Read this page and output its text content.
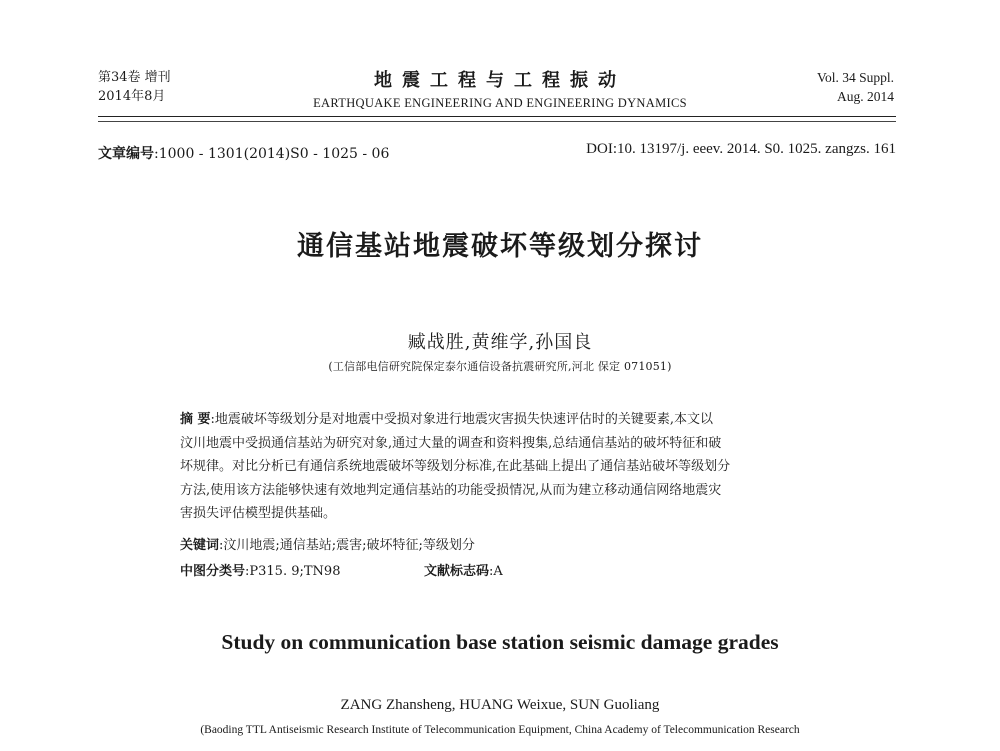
第34卷 增刊
2014年8月
地震工程与工程振动
EARTHQUAKE ENGINEERING AND ENGINEERING DYNAMICS
Vol. 34 Suppl.
Aug. 2014
文章编号:1000 - 1301(2014)S0 - 1025 - 06	DOI:10. 13197/j. eeev. 2014. S0. 1025. zangzs. 161
通信基站地震破坏等级划分探讨
臧战胜,黄维学,孙国良
(工信部电信研究院保定泰尔通信设备抗震研究所,河北 保定 071051)
摘 要:地震破坏等级划分是对地震中受损对象进行地震灾害损失快速评估时的关键要素,本文以
汶川地震中受损通信基站为研究对象,通过大量的调查和资料搜集,总结通信基站的破坏特征和破
坏规律。对比分析已有通信系统地震破坏等级划分标准,在此基础上提出了通信基站破坏等级划分
方法,使用该方法能够快速有效地判定通信基站的功能受损情况,从而为建立移动通信网络地震灾
害损失评估模型提供基础。
关键词:汶川地震;通信基站;震害;破坏特征;等级划分
中图分类号:P315. 9;TN98	文献标志码:A
Study on communication base station seismic damage grades
ZANG Zhansheng, HUANG Weixue, SUN Guoliang
(Baoding TTL Antiseismic Research Institute of Telecommunication Equipment, China Academy of Telecommunication Research
